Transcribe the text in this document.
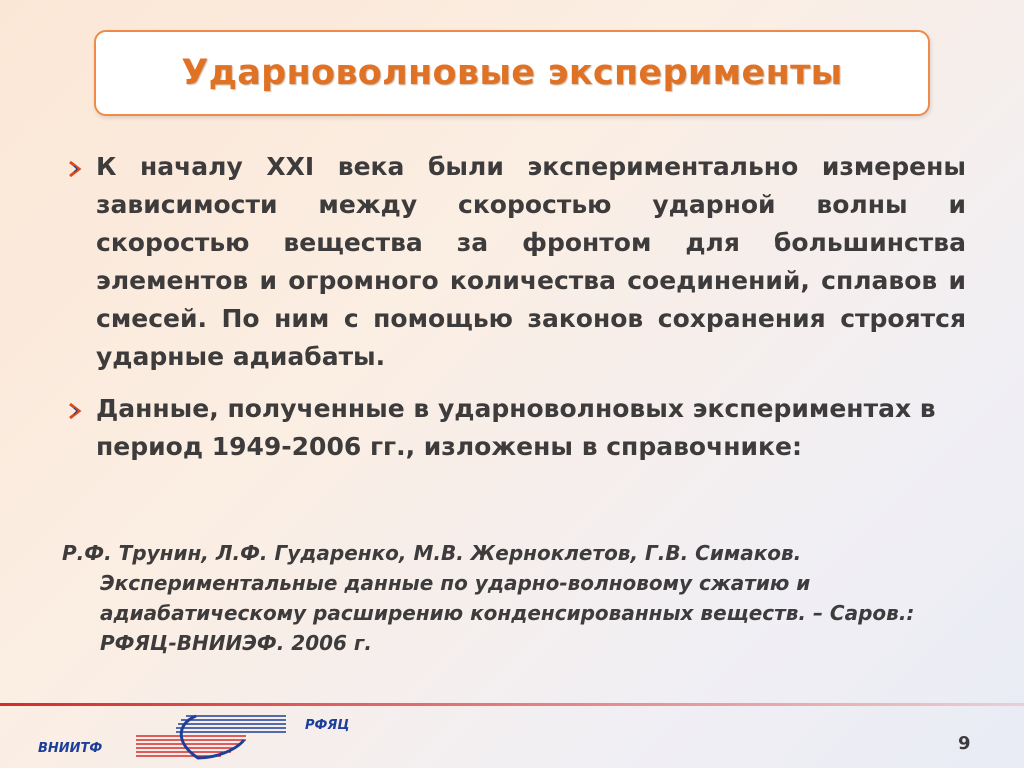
Ударноволновые эксперименты
К началу XXI века были экспериментально измерены зависимости между скоростью ударной волны и скоростью вещества за фронтом для большинства элементов и огромного количества соединений, сплавов и смесей. По ним с помощью законов сохранения строятся ударные адиабаты.
Данные, полученные в ударноволновых экспериментах в период 1949-2006 гг., изложены в справочнике:
Р.Ф. Трунин, Л.Ф. Гударенко, М.В. Жерноклетов, Г.В. Симаков.
Экспериментальные данные по ударно-волновому сжатию и адиабатическому расширению конденсированных веществ. – Саров.: РФЯЦ-ВНИИЭФ. 2006 г.
ВНИИТФ
РФЯЦ
9
